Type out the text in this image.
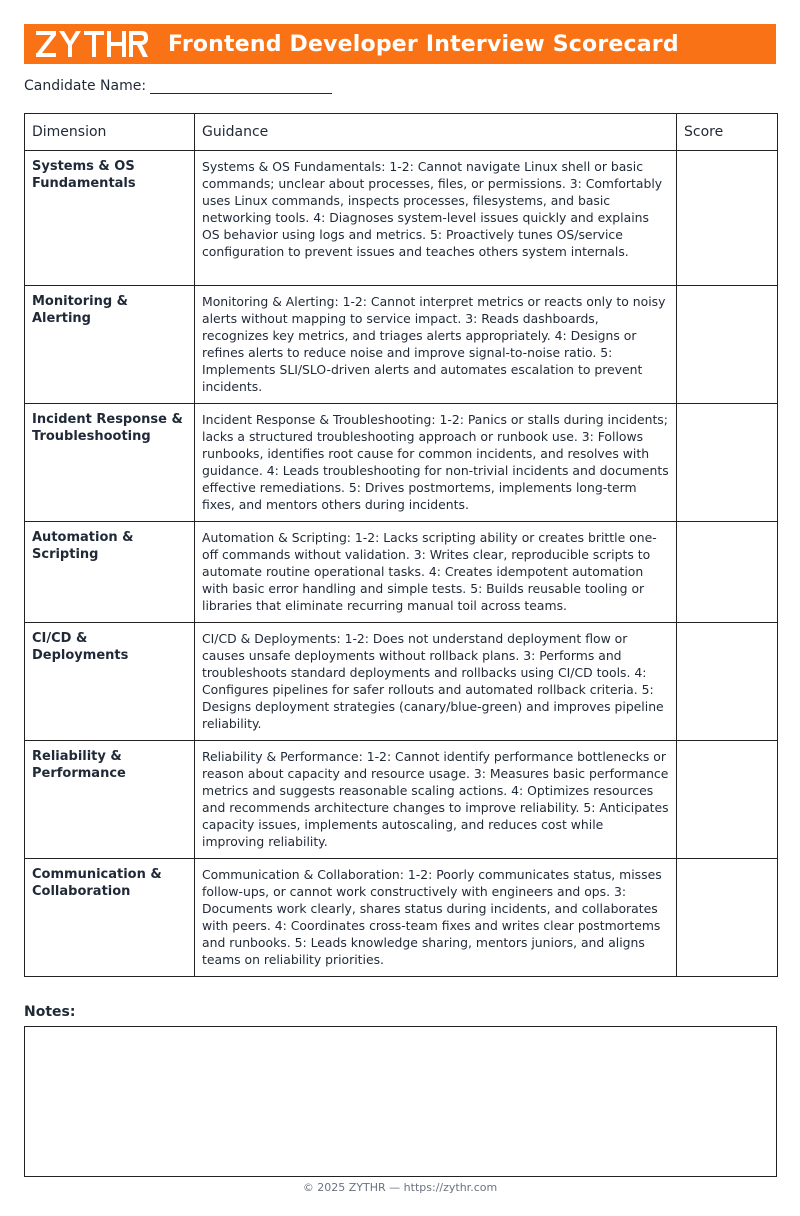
Frontend Developer Interview Scorecard
Candidate Name:
Dimension	Guidance	Score
Systems & OS Fundamentals	Systems & OS Fundamentals: 1-2: Cannot navigate Linux shell or basic commands; unclear about processes, files, or permissions. 3: Comfortably uses Linux commands, inspects processes, filesystems, and basic networking tools. 4: Diagnoses system-level issues quickly and explains OS behavior using logs and metrics. 5: Proactively tunes OS/service configuration to prevent issues and teaches others system internals.	
Monitoring & Alerting	Monitoring & Alerting: 1-2: Cannot interpret metrics or reacts only to noisy alerts without mapping to service impact. 3: Reads dashboards, recognizes key metrics, and triages alerts appropriately. 4: Designs or refines alerts to reduce noise and improve signal-to-noise ratio. 5: Implements SLI/SLO-driven alerts and automates escalation to prevent incidents.	
Incident Response & Troubleshooting	Incident Response & Troubleshooting: 1-2: Panics or stalls during incidents; lacks a structured troubleshooting approach or runbook use. 3: Follows runbooks, identifies root cause for common incidents, and resolves with guidance. 4: Leads troubleshooting for non-trivial incidents and documents effective remediations. 5: Drives postmortems, implements long-term fixes, and mentors others during incidents.	
Automation & Scripting	Automation & Scripting: 1-2: Lacks scripting ability or creates brittle one-off commands without validation. 3: Writes clear, reproducible scripts to automate routine operational tasks. 4: Creates idempotent automation with basic error handling and simple tests. 5: Builds reusable tooling or libraries that eliminate recurring manual toil across teams.	
CI/CD & Deployments	CI/CD & Deployments: 1-2: Does not understand deployment flow or causes unsafe deployments without rollback plans. 3: Performs and troubleshoots standard deployments and rollbacks using CI/CD tools. 4: Configures pipelines for safer rollouts and automated rollback criteria. 5: Designs deployment strategies (canary/blue-green) and improves pipeline reliability.	
Reliability & Performance	Reliability & Performance: 1-2: Cannot identify performance bottlenecks or reason about capacity and resource usage. 3: Measures basic performance metrics and suggests reasonable scaling actions. 4: Optimizes resources and recommends architecture changes to improve reliability. 5: Anticipates capacity issues, implements autoscaling, and reduces cost while improving reliability.	
Communication & Collaboration	Communication & Collaboration: 1-2: Poorly communicates status, misses follow-ups, or cannot work constructively with engineers and ops. 3: Documents work clearly, shares status during incidents, and collaborates with peers. 4: Coordinates cross-team fixes and writes clear postmortems and runbooks. 5: Leads knowledge sharing, mentors juniors, and aligns teams on reliability priorities.	
Notes:
© 2025 ZYTHR — https://zythr.com
